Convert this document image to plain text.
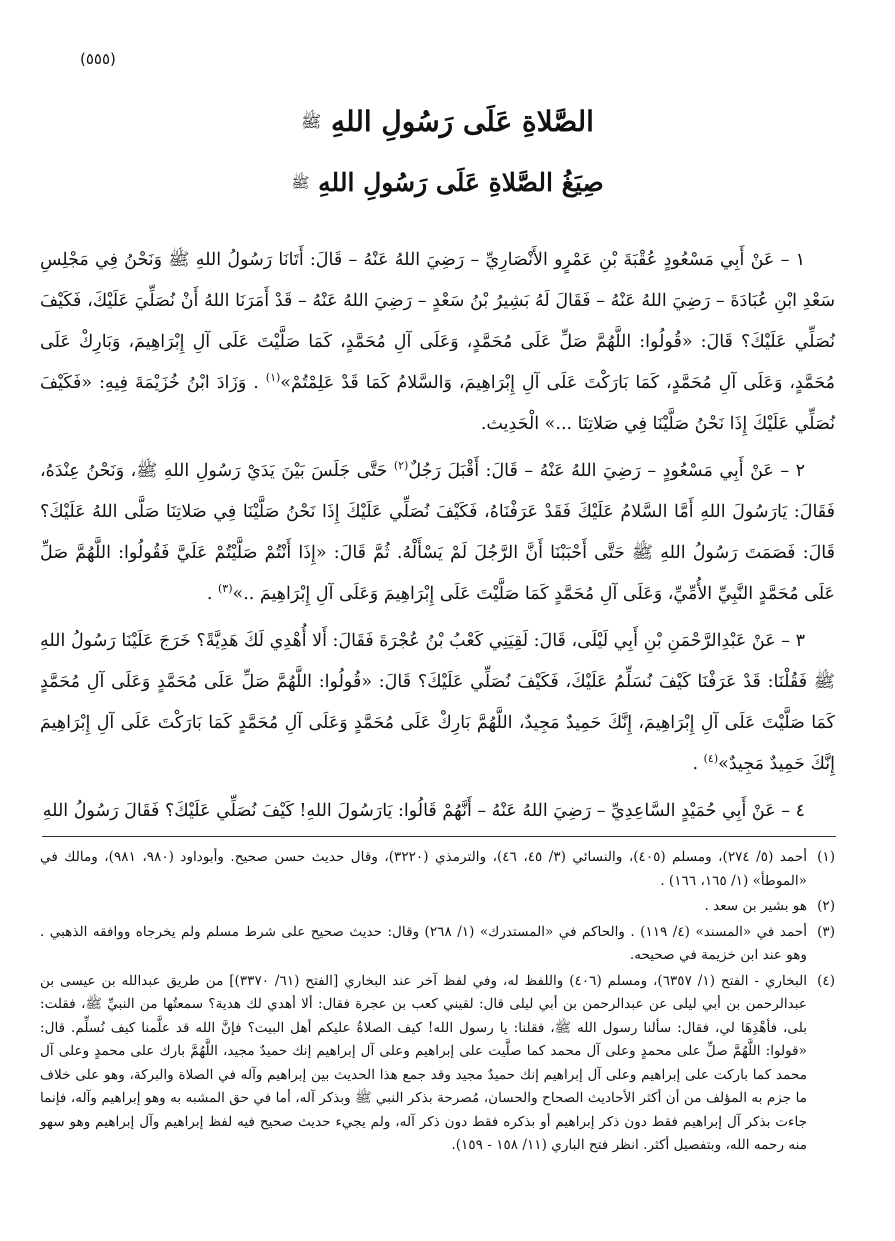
(٥٥٥)
الصَّلاةِ عَلَى رَسُولِ اللهِ ﷺ
صِيَغُ الصَّلاةِ عَلَى رَسُولِ اللهِ ﷺ

١ – عَنْ أَبِي مَسْعُودٍ عُقْبَةَ بْنِ عَمْرٍو الأَنْصَارِيِّ – رَضِيَ اللهُ عَنْهُ – قَالَ: أَتَانَا رَسُولُ اللهِ ﷺ وَنَحْنُ فِي مَجْلِسِ سَعْدِ ابْنِ عُبَادَةَ – رَضِيَ اللهُ عَنْهُ – فَقَالَ لَهُ بَشِيرُ بْنُ سَعْدٍ – رَضِيَ اللهُ عَنْهُ – قَدْ أَمَرَنَا اللهُ أَنْ نُصَلِّيَ عَلَيْكَ، فَكَيْفَ نُصَلِّي عَلَيْكَ؟ قَالَ: «قُولُوا: اللَّهُمَّ صَلِّ عَلَى مُحَمَّدٍ، وَعَلَى آلِ مُحَمَّدٍ، كَمَا صَلَّيْتَ عَلَى آلِ إِبْرَاهِيمَ، وَبَارِكْ عَلَى مُحَمَّدٍ، وَعَلَى آلِ مُحَمَّدٍ، كَمَا بَارَكْتَ عَلَى آلِ إِبْرَاهِيمَ، وَالسَّلامُ كَمَا قَدْ عَلِمْتُمْ»$^{(١)}$ . وَزَادَ ابْنُ خُزَيْمَةَ فِيهِ: «فَكَيْفَ نُصَلِّي عَلَيْكَ إِذَا نَحْنُ صَلَّيْنَا فِي صَلاتِنَا ...» الْحَدِيث.

٢ – عَنْ أَبِي مَسْعُودٍ – رَضِيَ اللهُ عَنْهُ – قَالَ: أَقْبَلَ رَجُلٌ$^{(٢)}$ حَتَّى جَلَسَ بَيْنَ يَدَيْ رَسُولِ اللهِ ﷺ، وَنَحْنُ عِنْدَهُ، فَقَالَ: يَارَسُولَ اللهِ أَمَّا السَّلامُ عَلَيْكَ فَقَدْ عَرَفْنَاهُ، فَكَيْفَ نُصَلِّي عَلَيْكَ إِذَا نَحْنُ صَلَّيْنَا فِي صَلاتِنَا صَلَّى اللهُ عَلَيْكَ؟ قَالَ: فَصَمَتَ رَسُولُ اللهِ ﷺ حَتَّى أَحْبَبْنَا أَنَّ الرَّجُلَ لَمْ يَسْأَلْهُ. ثُمَّ قَالَ: «إِذَا أَنْتُمْ صَلَّيْتُمْ عَلَيَّ فَقُولُوا: اللَّهُمَّ صَلِّ عَلَى مُحَمَّدٍ النَّبِيِّ الأُمِّيِّ، وَعَلَى آلِ مُحَمَّدٍ كَمَا صَلَّيْتَ عَلَى إِبْرَاهِيمَ وَعَلَى آلِ إِبْرَاهِيمَ ..»$^{(٣)}$ .

٣ – عَنْ عَبْدِالرَّحْمَنِ بْنِ أَبِي لَيْلَى، قَالَ: لَقِيَنِي كَعْبُ بْنُ عُجْرَةَ فَقَالَ: أَلا أُهْدِي لَكَ هَدِيَّةً؟ خَرَجَ عَلَيْنَا رَسُولُ اللهِ ﷺ فَقُلْنَا: قَدْ عَرَفْنَا كَيْفَ نُسَلِّمُ عَلَيْكَ، فَكَيْفَ نُصَلِّي عَلَيْكَ؟ قَالَ: «قُولُوا: اللَّهُمَّ صَلِّ عَلَى مُحَمَّدٍ وَعَلَى آلِ مُحَمَّدٍ كَمَا صَلَّيْتَ عَلَى آلِ إِبْرَاهِيمَ، إِنَّكَ حَمِيدٌ مَجِيدٌ، اللَّهُمَّ بَارِكْ عَلَى مُحَمَّدٍ وَعَلَى آلِ مُحَمَّدٍ كَمَا بَارَكْتَ عَلَى آلِ إِبْرَاهِيمَ إِنَّكَ حَمِيدٌ مَجِيدٌ»$^{(٤)}$ .

٤ – عَنْ أَبِي حُمَيْدٍ السَّاعِدِيِّ – رَضِيَ اللهُ عَنْهُ – أَنَّهُمْ قَالُوا: يَارَسُولَ اللهِ! كَيْفَ نُصَلِّي عَلَيْكَ؟ فَقَالَ رَسُولُ اللهِ

(١)أحمد (٥/ ٢٧٤)، ومسلم (٤٠٥)، والنسائي (٣/ ٤٥، ٤٦)، والترمذي (٣٢٢٠)، وقال حديث حسن صحيح. وأبوداود (٩٨٠، ٩٨١)، ومالك في «الموطأ» (١/ ١٦٥، ١٦٦) .

(٢)هو بشير بن سعد .

(٣)أحمد في «المسند» (٤/ ١١٩) . والحاكم في «المستدرك» (١/ ٢٦٨) وقال: حديث صحيح على شرط مسلم ولم يخرجاه ووافقه الذهبي . وهو عند ابن خزيمة في صحيحه.

(٤)البخاري - الفتح (١/ ٦٣٥٧)، ومسلم (٤٠٦) واللفظ له، وفي لفظ آخر عند البخاري [الفتح (٦١/ ٣٣٧٠)] من طريق عبدالله بن عيسى بن عبدالرحمن بن أبي ليلى عن عبدالرحمن بن أبي ليلى قال: لقيني كعب بن عجرة فقال: ألا أهدي لك هدية؟ سمعتُها من النبيِّ ﷺ، فقلت: بلى، فأهْدِهَا لي، فقال: سألنا رسول الله ﷺ، فقلنا: يا رسول الله! كيف الصلاةُ عليكم أهل البيت؟ فإنَّ الله قد علَّمنا كيف نُسلِّم. قال: «قولوا: اللَّهُمَّ صلِّ على محمدٍ وعلى آل محمد كما صلَّيت على إبراهيم وعلى آل إبراهيم إنك حميدٌ مجيد، اللَّهُمَّ بارك على محمدٍ وعلى آل محمد كما باركت على إبراهيم وعلى آل إبراهيم إنك حميدٌ مجيد وقد جمع هذا الحديث بين إبراهيم وآله في الصلاة والبركة، وهو على خلاف ما جزم به المؤلف من أن أكثر الأحاديث الصحاح والحسان، مُصرحة بذكر النبي ﷺ وبذكر آله، أما في حق المشبه به وهو إبراهيم وآله، فإنما جاءت بذكر آل إبراهيم فقط دون ذكر إبراهيم أو بذكره فقط دون ذكر آله، ولم يجيء حديث صحيح فيه لفظ إبراهيم وآل إبراهيم وهو سهو منه رحمه الله، وبتفصيل أكثر. انظر فتح الباري (١١/ ١٥٨ - ١٥٩).
